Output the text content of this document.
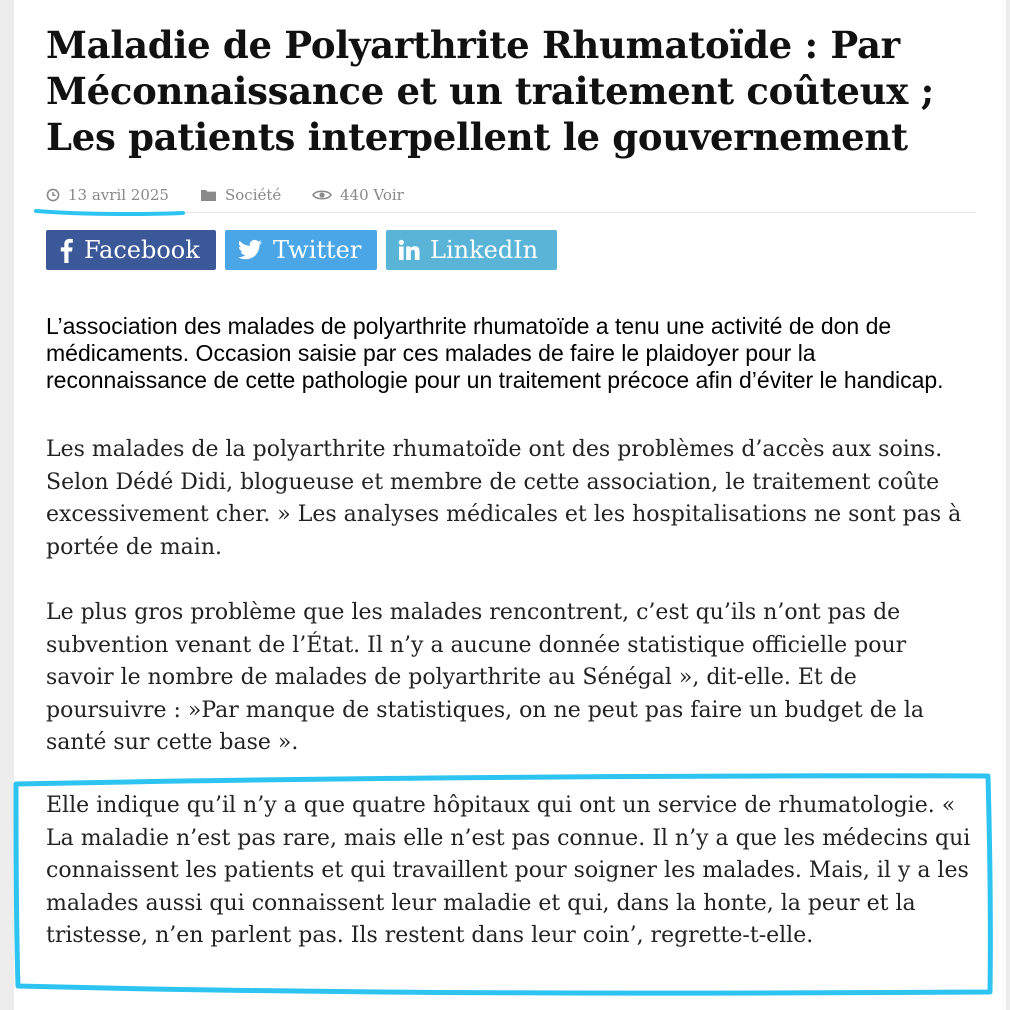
Maladie de Polyarthrite Rhumatoïde : Par Méconnaissance et un traitement coûteux ; Les patients interpellent le gouvernement
13 avril 2025	Société	440 Voir
Facebook	Twitter	LinkedIn

L’association des malades de polyarthrite rhumatoïde a tenu une activité de don de médicaments. Occasion saisie par ces malades de faire le plaidoyer pour la reconnaissance de cette pathologie pour un traitement précoce afin d’éviter le handicap.

Les malades de la polyarthrite rhumatoïde ont des problèmes d’accès aux soins. Selon Dédé Didi, blogueuse et membre de cette association, le traitement coûte excessivement cher. » Les analyses médicales et les hospitalisations ne sont pas à portée de main.

Le plus gros problème que les malades rencontrent, c’est qu’ils n’ont pas de subvention venant de l’État. Il n’y a aucune donnée statistique officielle pour savoir le nombre de malades de polyarthrite au Sénégal », dit-elle. Et de poursuivre : »Par manque de statistiques, on ne peut pas faire un budget de la santé sur cette base ».

Elle indique qu’il n’y a que quatre hôpitaux qui ont un service de rhumatologie. « La maladie n’est pas rare, mais elle n’est pas connue. Il n’y a que les médecins qui connaissent les patients et qui travaillent pour soigner les malades. Mais, il y a les malades aussi qui connaissent leur maladie et qui, dans la honte, la peur et la tristesse, n’en parlent pas. Ils restent dans leur coin’, regrette-t-elle.
